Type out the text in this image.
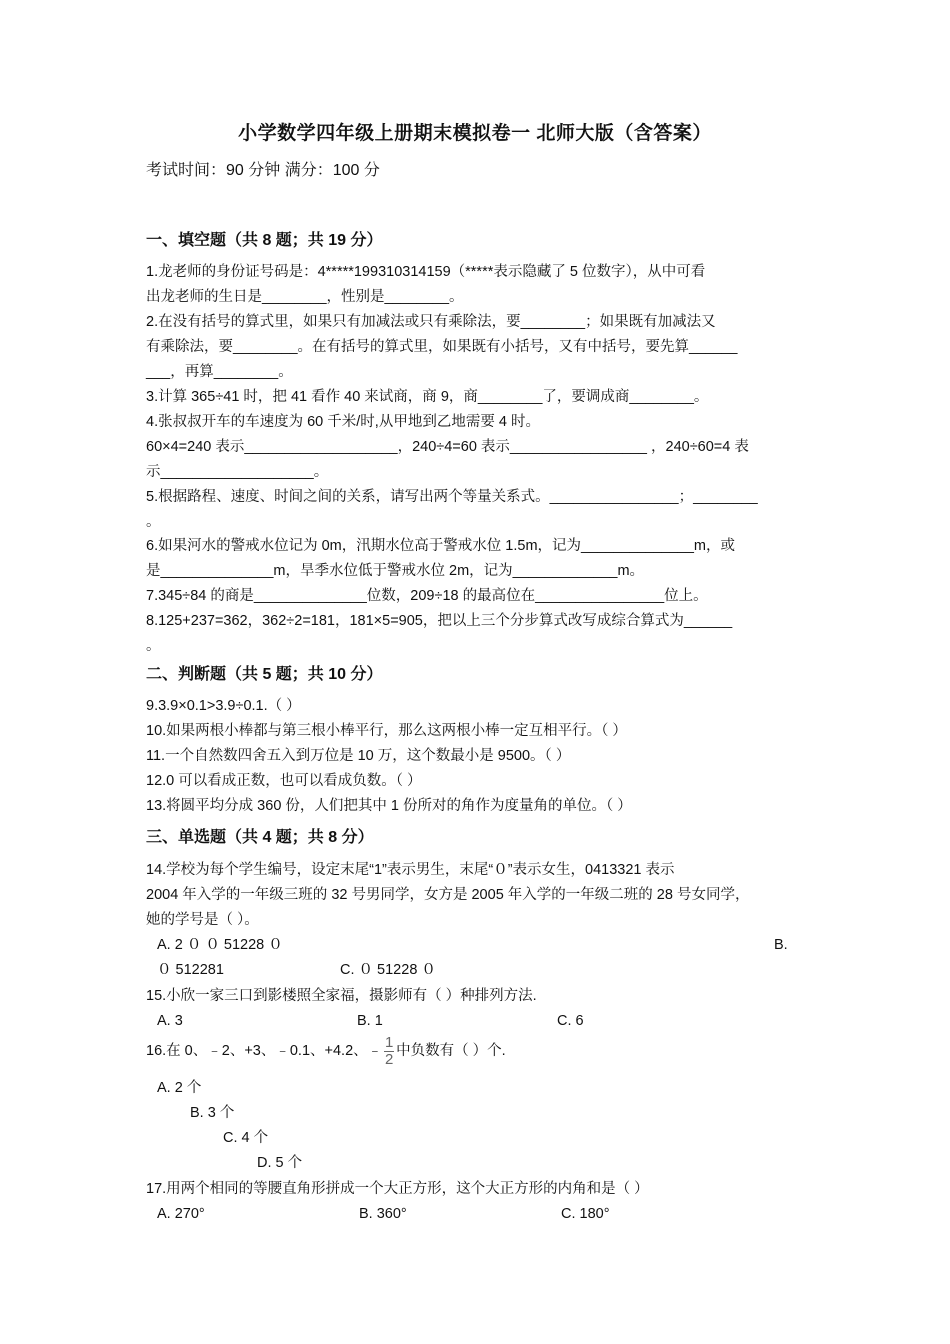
小学数学四年级上册期末模拟卷一 北师大版（含答案）
考试时间：90 分钟 满分：100 分
一、填空题（共 8 题；共 19 分）
1.龙老师的身份证号码是：4*****199310314159（*****表示隐藏了 5 位数字），从中可看
出龙老师的生日是________，性别是________。
2.在没有括号的算式里，如果只有加减法或只有乘除法，要________；如果既有加减法又
有乘除法，要________。在有括号的算式里，如果既有小括号，又有中括号，要先算______
___，再算________。
3.计算 365÷41 时，把 41 看作 40 来试商，商 9，商________了，要调成商________。
4.张叔叔开车的车速度为 60 千米/时,从甲地到乙地需要 4 时。
60×4=240 表示___________________，240÷4=60 表示_________________ ，240÷60=4 表
示___________________。
5.根据路程、速度、时间之间的关系，请写出两个等量关系式。________________；________
。
6.如果河水的警戒水位记为 0m，汛期水位高于警戒水位 1.5m，记为______________m，或
是______________m，旱季水位低于警戒水位 2m，记为_____________m。
7.345÷84 的商是______________位数，209÷18 的最高位在________________位上。
8.125+237=362，362÷2=181，181×5=905，把以上三个分步算式改写成综合算式为______
。
二、判断题（共 5 题；共 10 分）
9.3.9×0.1>3.9÷0.1.（ ）
10.如果两根小棒都与第三根小棒平行，那么这两根小棒一定互相平行。（ ）
11.一个自然数四舍五入到万位是 10 万，这个数最小是 9500。（ ）
12.0 可以看成正数，也可以看成负数。（ ）
13.将圆平均分成 360 份，人们把其中 1 份所对的角作为度量角的单位。（ ）
三、单选题（共 4 题；共 8 分）
14.学校为每个学生编号，设定末尾“1”表示男生，末尾“０”表示女生，0413321 表示
2004 年入学的一年级三班的 32 号男同学，女方是 2005 年入学的一年级二班的 28 号女同学，
她的学号是（ ）。
A. 2 ０ ０ 51228 ０	B.
０ 512281	C. ０ 51228 ０
15.小欣一家三口到影楼照全家福，摄影师有（ ）种排列方法.
A. 3	B. 1	C. 6
16.在 0、﹣2、+3、﹣0.1、+4.2、﹣ $\frac{1}{2}$ 中负数有（ ）个.
A. 2 个
B. 3 个
C. 4 个
D. 5 个
17.用两个相同的等腰直角形拼成一个大正方形，这个大正方形的内角和是（ ）
A. 270°	B. 360°	C. 180°
